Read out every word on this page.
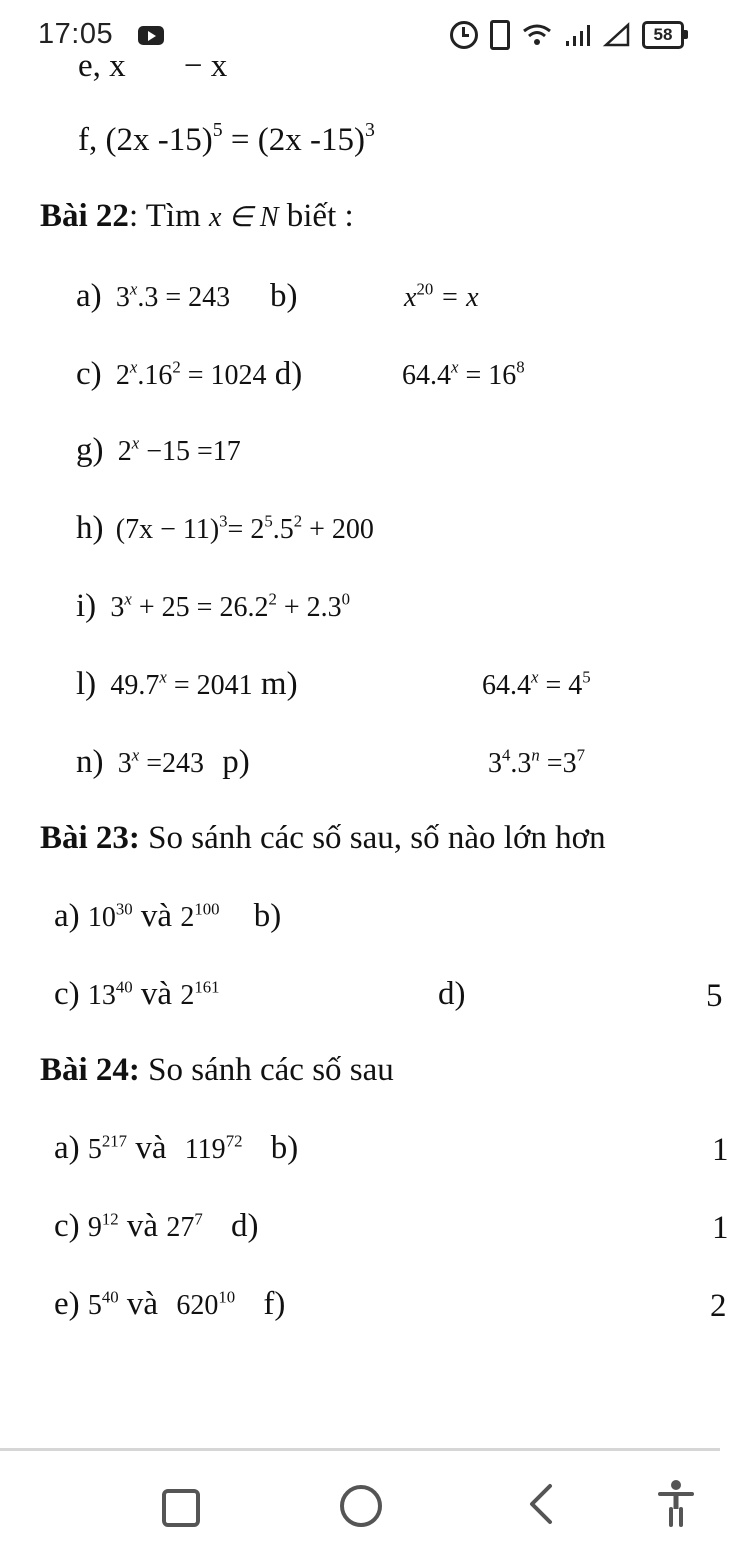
17:05	58
e, x − x
f, (2x -15)$^5$ = (2x -15)$^3$
Bài 22: Tìm x ∈ N biết :
a) $3^x.3 = 243$ b)	$x^{20} = x$
c) $2^x.16^2 = 1024$ d)	$64.4^x = 16^8$
g) $2^x -15 =17$
h) $(7x - 11)^3= 2^5.5^2 + 200$
i) $3^x + 25 = 26.2^2 + 2.3^0$
l) $49.7^x = 2041$ m)	$64.4^x = 4^5$
n) $3^x =243$ p)	$3^4.3^n =3^7$
Bài 23: So sánh các số sau, số nào lớn hơn
a) $10^{30}$ và $2^{100}$ b)
c) $13^{40}$ và $2^{161}$	d)	5
Bài 24: So sánh các số sau
a) $5^{217}$ và $119^{72}$ b)	1
c) $9^{12}$ và $27^7$ d)	1
e) $5^{40}$ và $620^{10}$ f)	2
